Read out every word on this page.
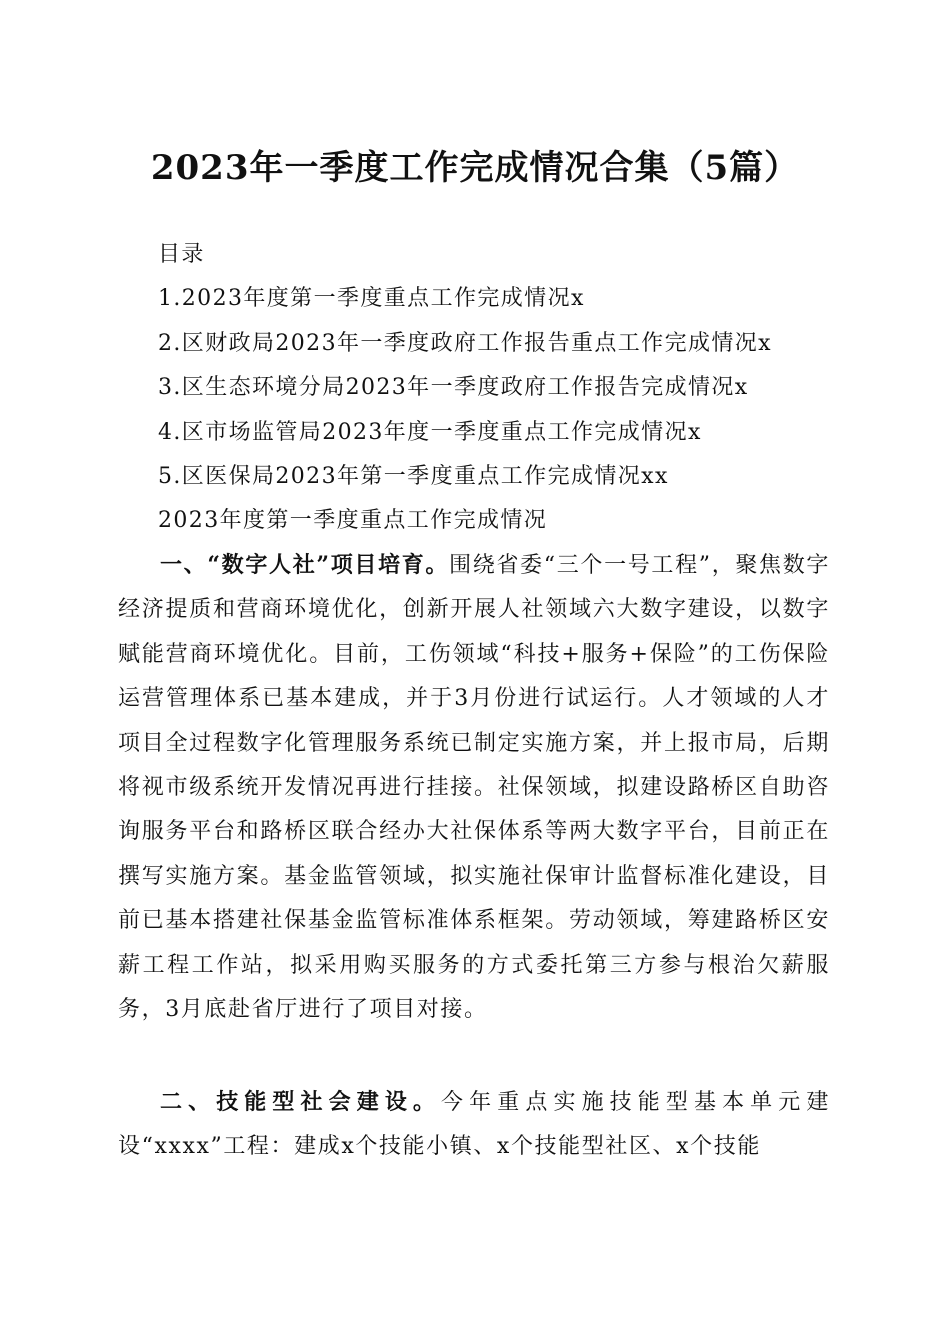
2023年一季度工作完成情况合集（5篇）
目录
1.2023年度第一季度重点工作完成情况x
2.区财政局2023年一季度政府工作报告重点工作完成情况x
3.区生态环境分局2023年一季度政府工作报告完成情况x
4.区市场监管局2023年度一季度重点工作完成情况x
5.区医保局2023年第一季度重点工作完成情况xx
2023年度第一季度重点工作完成情况
一、“数字人社”项目培育。围绕省委“三个一号工程”，聚焦数字经济提质和营商环境优化，创新开展人社领域六大数字建设，以数字赋能营商环境优化。目前，工伤领域“科技+服务+保险”的工伤保险运营管理体系已基本建成，并于3月份进行试运行。人才领域的人才项目全过程数字化管理服务系统已制定实施方案，并上报市局，后期将视市级系统开发情况再进行挂接。社保领域，拟建设路桥区自助咨询服务平台和路桥区联合经办大社保体系等两大数字平台，目前正在撰写实施方案。基金监管领域，拟实施社保审计监督标准化建设，目前已基本搭建社保基金监管标准体系框架。劳动领域，筹建路桥区安薪工程工作站，拟采用购买服务的方式委托第三方参与根治欠薪服务，3月底赴省厅进行了项目对接。
二、技能型社会建设。今年重点实施技能型基本单元建设“xxxx”工程：建成x个技能小镇、x个技能型社区、x个技能
